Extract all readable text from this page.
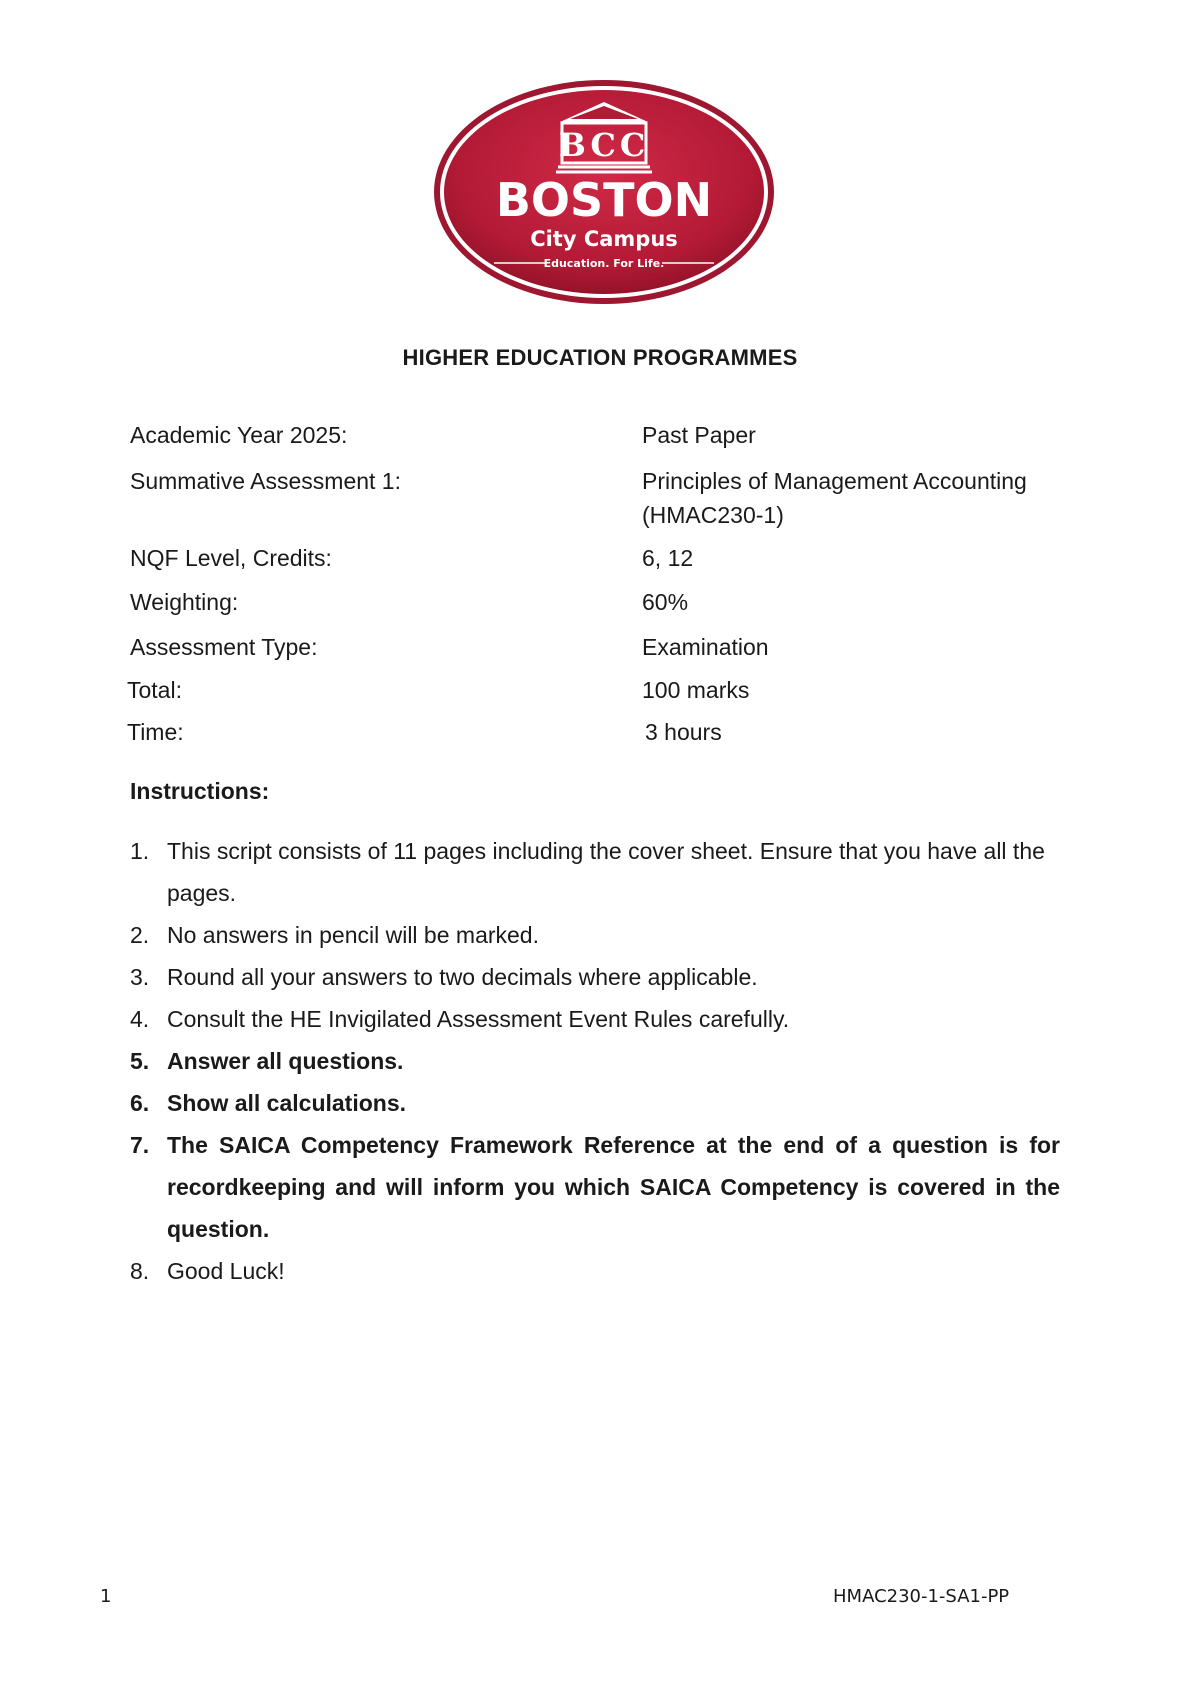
BCC
BOSTON
City Campus
Education. For Life.
HIGHER EDUCATION PROGRAMMES
Academic Year 2025:	Past Paper
Summative Assessment 1:	Principles of Management Accounting (HMAC230-1)
NQF Level, Credits:	6, 12
Weighting:	60%
Assessment Type:	Examination
Total:	100 marks
Time:	3 hours
Instructions:
1. This script consists of 11 pages including the cover sheet. Ensure that you have all the pages.
2. No answers in pencil will be marked.
3. Round all your answers to two decimals where applicable.
4. Consult the HE Invigilated Assessment Event Rules carefully.
5. Answer all questions.
6. Show all calculations.
7. The SAICA Competency Framework Reference at the end of a question is for recordkeeping and will inform you which SAICA Competency is covered in the question.
8. Good Luck!
1	HMAC230-1-SA1-PP
